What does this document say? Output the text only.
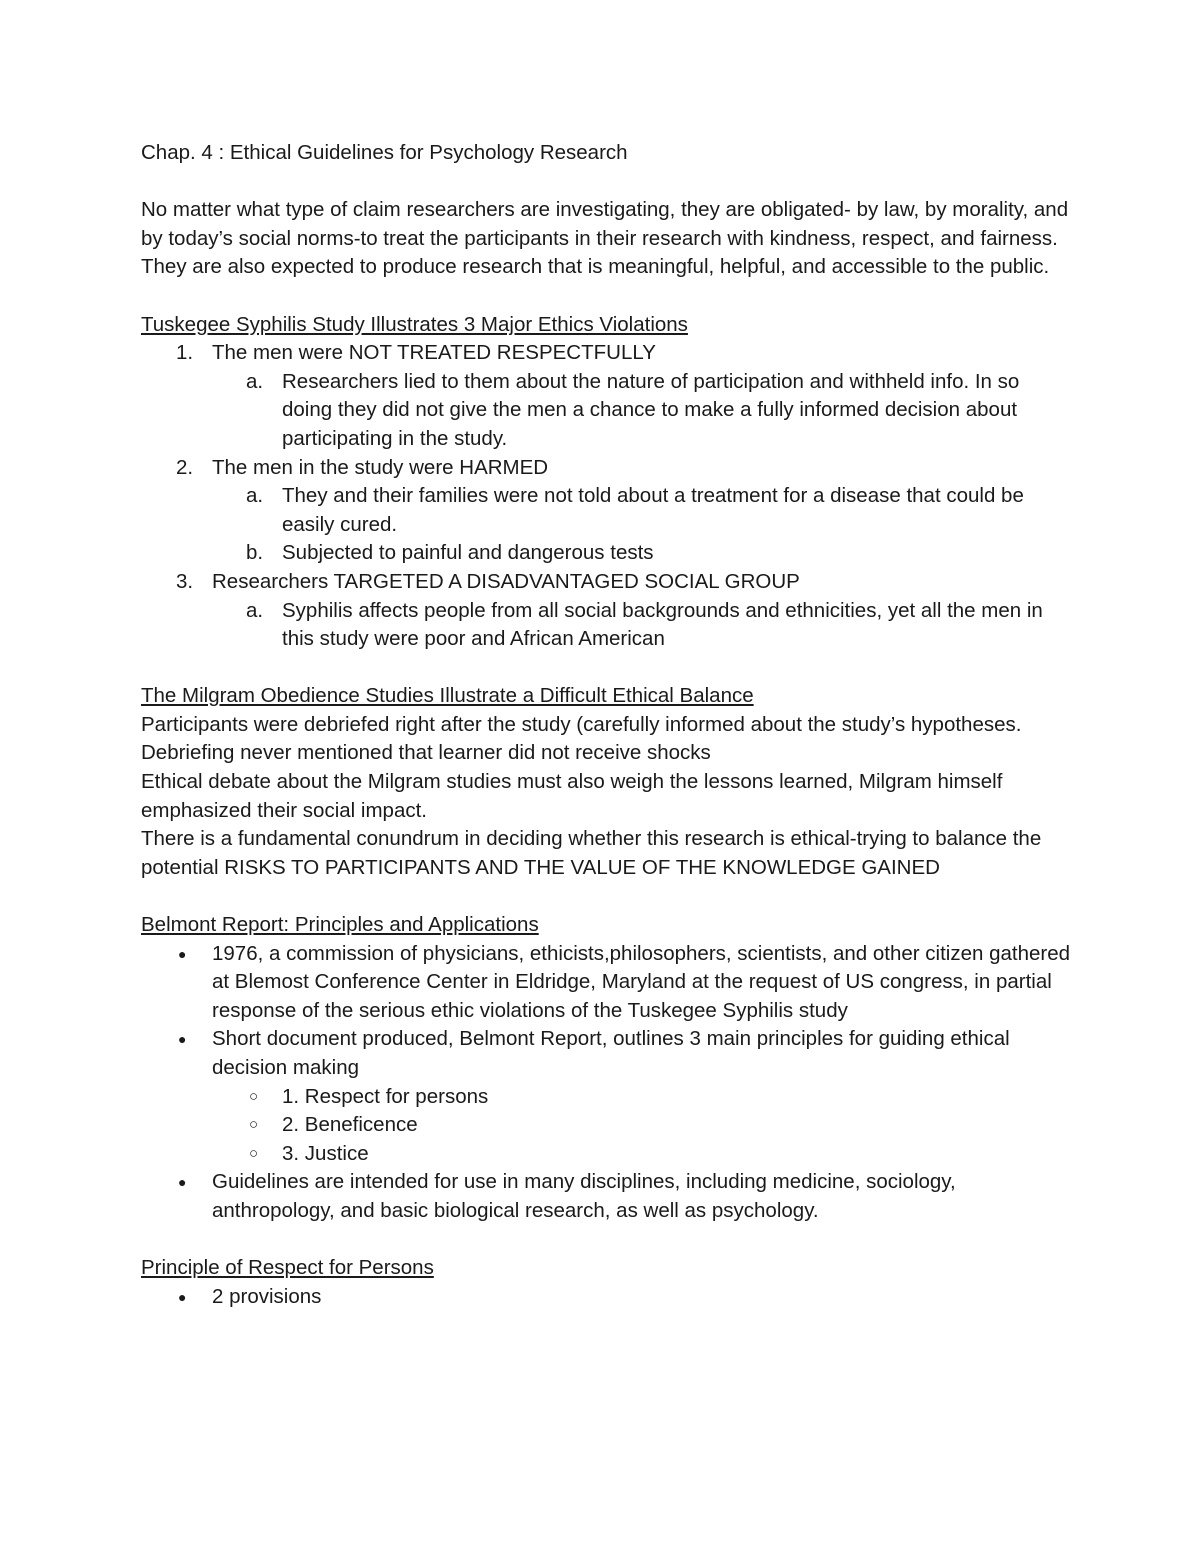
Chap. 4 : Ethical Guidelines for Psychology Research

No matter what type of claim researchers are investigating, they are obligated- by law, by morality, and by today’s social norms-to treat the participants in their research with kindness, respect, and fairness. They are also expected to produce research that is meaningful, helpful, and accessible to the public.

Tuskegee Syphilis Study Illustrates 3 Major Ethics Violations

1. The men were NOT TREATED RESPECTFULLY
a. Researchers lied to them about the nature of participation and withheld info. In so doing they did not give the men a chance to make a fully informed decision about participating in the study.
2. The men in the study were HARMED
a. They and their families were not told about a treatment for a disease that could be easily cured.
b. Subjected to painful and dangerous tests
3. Researchers TARGETED A DISADVANTAGED SOCIAL GROUP
a. Syphilis affects people from all social backgrounds and ethnicities, yet all the men in this study were poor and African American

The Milgram Obedience Studies Illustrate a Difficult Ethical Balance

Participants were debriefed right after the study (carefully informed about the study’s hypotheses.

Debriefing never mentioned that learner did not receive shocks

Ethical debate about the Milgram studies must also weigh the lessons learned, Milgram himself emphasized their social impact.

There is a fundamental conundrum in deciding whether this research is ethical-trying to balance the potential RISKS TO PARTICIPANTS AND THE VALUE OF THE KNOWLEDGE GAINED

Belmont Report: Principles and Applications

● 1976, a commission of physicians, ethicists,philosophers, scientists, and other citizen gathered at Blemost Conference Center in Eldridge, Maryland at the request of US congress, in partial response of the serious ethic violations of the Tuskegee Syphilis study
● Short document produced, Belmont Report, outlines 3 main principles for guiding ethical decision making
○ 1. Respect for persons
○ 2. Beneficence
○ 3. Justice
● Guidelines are intended for use in many disciplines, including medicine, sociology, anthropology, and basic biological research, as well as psychology.

Principle of Respect for Persons

● 2 provisions
